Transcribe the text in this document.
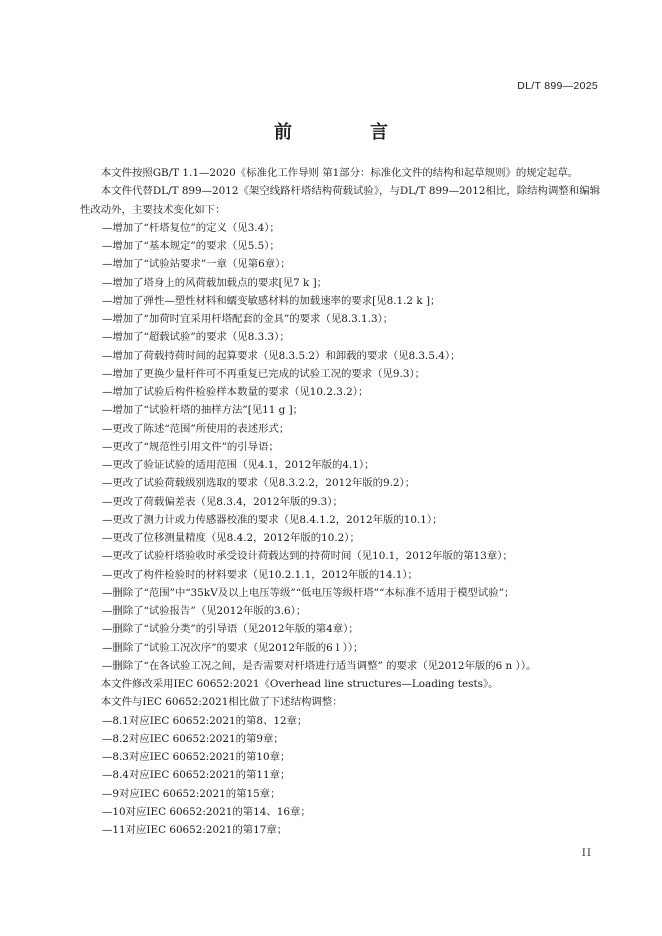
DL/T 899—2025
前　言

本文件按照GB/T 1.1—2020《标准化工作导则 第1部分：标准化文件的结构和起草规则》的规定起草。

本文件代替DL/T 899—2012《架空线路杆塔结构荷载试验》，与DL/T 899—2012相比，除结构调整和编辑性改动外，主要技术变化如下：

—增加了“杆塔复位”的定义（见3.4）；

—增加了“基本规定”的要求（见5.5）；

—增加了“试验站要求”一章（见第6章）；

—增加了塔身上的风荷载加载点的要求[见7 k ]；

—增加了弹性—塑性材料和蠕变敏感材料的加载速率的要求[见8.1.2 k ]；

—增加了“加荷时宜采用杆塔配套的金具”的要求（见8.3.1.3）；

—增加了“超载试验”的要求（见8.3.3）；

—增加了荷载持荷时间的起算要求（见8.3.5.2）和卸载的要求（见8.3.5.4）；

—增加了更换少量杆件可不再重复已完成的试验工况的要求（见9.3）；

—增加了试验后构件检验样本数量的要求（见10.2.3.2）；

—增加了“试验杆塔的抽样方法”[见11 g ]；

—更改了陈述“范围”所使用的表述形式；

—更改了“规范性引用文件”的引导语；

—更改了验证试验的适用范围（见4.1，2012年版的4.1）；

—更改了试验荷载级别选取的要求（见8.3.2.2，2012年版的9.2）；

—更改了荷载偏差表（见8.3.4，2012年版的9.3）；

—更改了测力计或力传感器校准的要求（见8.4.1.2，2012年版的10.1）；

—更改了位移测量精度（见8.4.2，2012年版的10.2）；

—更改了试验杆塔验收时承受设计荷载达到的持荷时间（见10.1，2012年版的第13章）；

—更改了构件检验时的材料要求（见10.2.1.1，2012年版的14.1）；

—删除了“范围”中“35kV及以上电压等级”“低电压等级杆塔”“本标准不适用于模型试验”；

—删除了“试验报告”（见2012年版的3.6）；

—删除了“试验分类”的引导语（见2012年版的第4章）；

—删除了“试验工况次序”的要求（见2012年版的6 l ））；

—删除了“在各试验工况之间，是否需要对杆塔进行适当调整” 的要求（见2012年版的6 n ））。

本文件修改采用IEC 60652:2021《Overhead line structures—Loading tests》。

本文件与IEC 60652:2021相比做了下述结构调整：

—8.1对应IEC 60652:2021的第8、12章；

—8.2对应IEC 60652:2021的第9章；

—8.3对应IEC 60652:2021的第10章；

—8.4对应IEC 60652:2021的第11章；

—9对应IEC 60652:2021的第15章；

—10对应IEC 60652:2021的第14、16章；

—11对应IEC 60652:2021的第17章；

II
